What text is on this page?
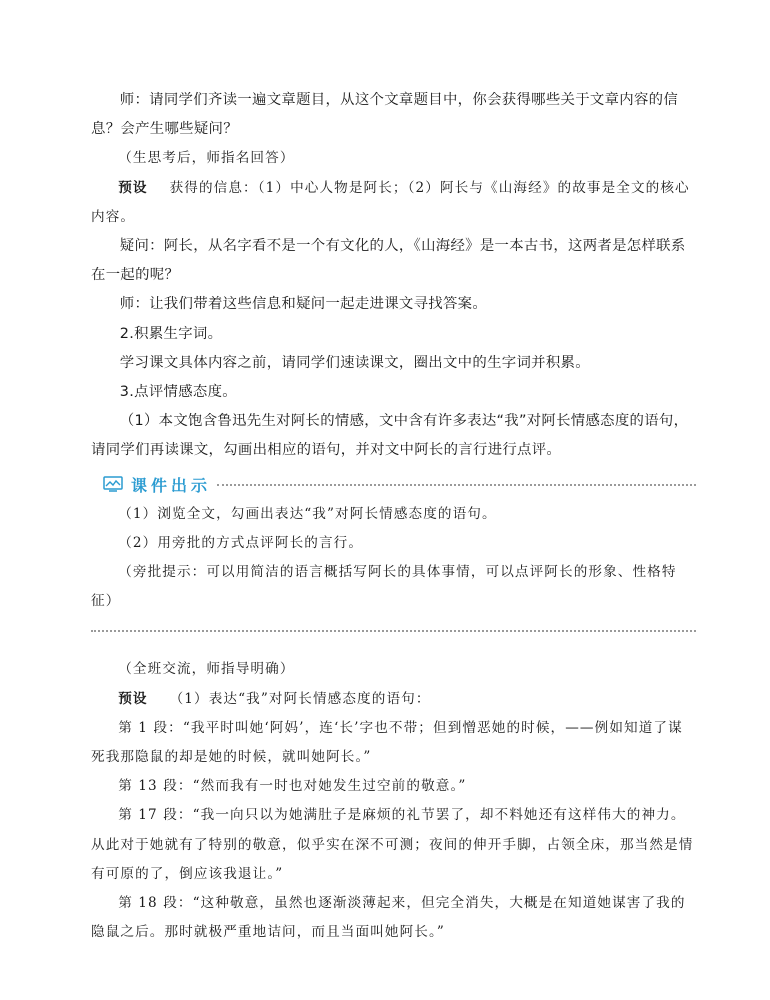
师：请同学们齐读一遍文章题目，从这个文章题目中，你会获得哪些关于文章内容的信息？会产生哪些疑问？

（生思考后，师指名回答）

预设 获得的信息：（1）中心人物是阿长；（2）阿长与《山海经》的故事是全文的核心内容。

疑问：阿长，从名字看不是一个有文化的人，《山海经》是一本古书，这两者是怎样联系在一起的呢？

师：让我们带着这些信息和疑问一起走进课文寻找答案。

2.积累生字词。

学习课文具体内容之前，请同学们速读课文，圈出文中的生字词并积累。

3.点评情感态度。

（1）本文饱含鲁迅先生对阿长的情感，文中含有许多表达“我”对阿长情感态度的语句，请同学们再读课文，勾画出相应的语句，并对文中阿长的言行进行点评。

课件出示

（1）浏览全文，勾画出表达“我”对阿长情感态度的语句。

（2）用旁批的方式点评阿长的言行。

（旁批提示：可以用简洁的语言概括写阿长的具体事情，可以点评阿长的形象、性格特征）

（全班交流，师指导明确）

预设 （1）表达“我”对阿长情感态度的语句：

第 1 段：“我平时叫她‘阿妈’，连‘长’字也不带；但到憎恶她的时候，——例如知道了谋死我那隐鼠的却是她的时候，就叫她阿长。”

第 13 段：“然而我有一时也对她发生过空前的敬意。”

第 17 段：“我一向只以为她满肚子是麻烦的礼节罢了，却不料她还有这样伟大的神力。从此对于她就有了特别的敬意，似乎实在深不可测；夜间的伸开手脚，占领全床，那当然是情有可原的了，倒应该我退让。”

第 18 段：“这种敬意，虽然也逐渐淡薄起来，但完全消失，大概是在知道她谋害了我的隐鼠之后。那时就极严重地诘问，而且当面叫她阿长。”
